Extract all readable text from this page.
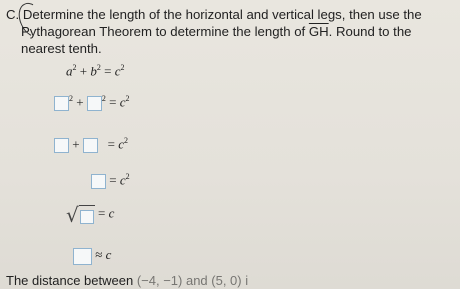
C. Determine the length of the horizontal and vertical legs, then use the
Pythagorean Theorem to determine the length of $\overline{GH}$. Round to the
nearest tenth.
$a^2 + b^2 = c^2$
$^2 + ^2 = c^2$
+ = $c^2$
= $c^2$
√ = c
≈ c
The distance between (−4, −1) and (5, 0) i
